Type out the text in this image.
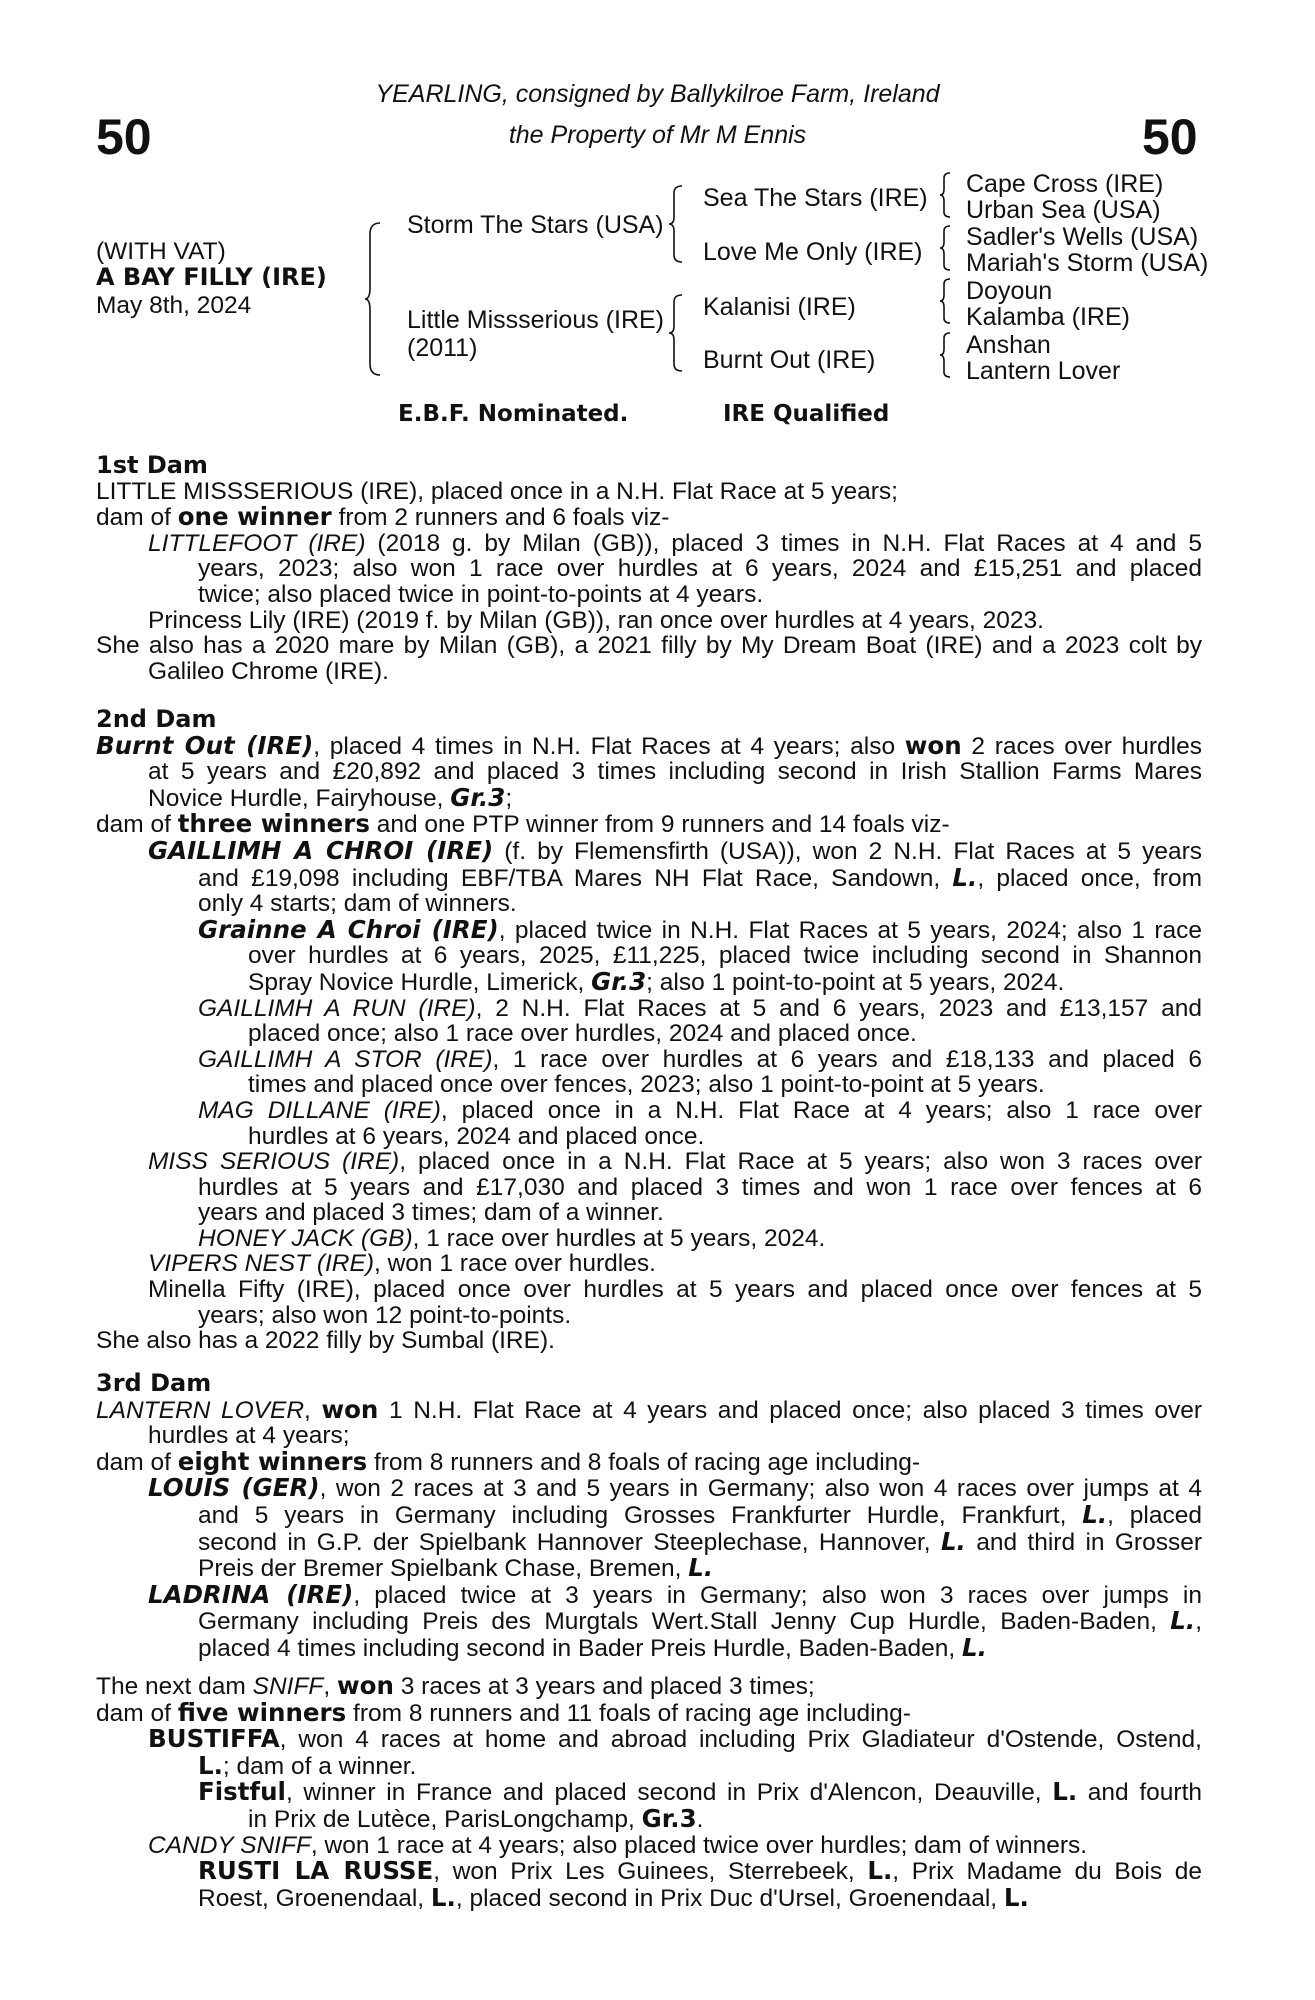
50	50
YEARLING, consigned by Ballykilroe Farm, Ireland
the Property of Mr M Ennis
(WITH VAT)
A BAY FILLY (IRE)
May 8th, 2024
Storm The Stars (USA)
Little Missserious (IRE)
(2011)
Sea The Stars (IRE)
Love Me Only (IRE)
Kalanisi (IRE)
Burnt Out (IRE)
Cape Cross (IRE)
Urban Sea (USA)
Sadler's Wells (USA)
Mariah's Storm (USA)
Doyoun
Kalamba (IRE)
Anshan
Lantern Lover
E.B.F. Nominated.	IRE Qualified
1st Dam
LITTLE MISSSERIOUS (IRE), placed once in a N.H. Flat Race at 5 years;
dam of one winner from 2 runners and 6 foals viz-
LITTLEFOOT (IRE) (2018 g. by Milan (GB)), placed 3 times in N.H. Flat Races at 4 and 5
years, 2023; also won 1 race over hurdles at 6 years, 2024 and £15,251 and placed
twice; also placed twice in point-to-points at 4 years.
Princess Lily (IRE) (2019 f. by Milan (GB)), ran once over hurdles at 4 years, 2023.
She also has a 2020 mare by Milan (GB), a 2021 filly by My Dream Boat (IRE) and a 2023 colt by
Galileo Chrome (IRE).
2nd Dam
Burnt Out (IRE), placed 4 times in N.H. Flat Races at 4 years; also won 2 races over hurdles
at 5 years and £20,892 and placed 3 times including second in Irish Stallion Farms Mares
Novice Hurdle, Fairyhouse, Gr.3;
dam of three winners and one PTP winner from 9 runners and 14 foals viz-
GAILLIMH A CHROI (IRE) (f. by Flemensfirth (USA)), won 2 N.H. Flat Races at 5 years
and £19,098 including EBF/TBA Mares NH Flat Race, Sandown, L., placed once, from
only 4 starts; dam of winners.
Grainne A Chroi (IRE), placed twice in N.H. Flat Races at 5 years, 2024; also 1 race
over hurdles at 6 years, 2025, £11,225, placed twice including second in Shannon
Spray Novice Hurdle, Limerick, Gr.3; also 1 point-to-point at 5 years, 2024.
GAILLIMH A RUN (IRE), 2 N.H. Flat Races at 5 and 6 years, 2023 and £13,157 and
placed once; also 1 race over hurdles, 2024 and placed once.
GAILLIMH A STOR (IRE), 1 race over hurdles at 6 years and £18,133 and placed 6
times and placed once over fences, 2023; also 1 point-to-point at 5 years.
MAG DILLANE (IRE), placed once in a N.H. Flat Race at 4 years; also 1 race over
hurdles at 6 years, 2024 and placed once.
MISS SERIOUS (IRE), placed once in a N.H. Flat Race at 5 years; also won 3 races over
hurdles at 5 years and £17,030 and placed 3 times and won 1 race over fences at 6
years and placed 3 times; dam of a winner.
HONEY JACK (GB), 1 race over hurdles at 5 years, 2024.
VIPERS NEST (IRE), won 1 race over hurdles.
Minella Fifty (IRE), placed once over hurdles at 5 years and placed once over fences at 5
years; also won 12 point-to-points.
She also has a 2022 filly by Sumbal (IRE).
3rd Dam
LANTERN LOVER, won 1 N.H. Flat Race at 4 years and placed once; also placed 3 times over
hurdles at 4 years;
dam of eight winners from 8 runners and 8 foals of racing age including-
LOUIS (GER), won 2 races at 3 and 5 years in Germany; also won 4 races over jumps at 4
and 5 years in Germany including Grosses Frankfurter Hurdle, Frankfurt, L., placed
second in G.P. der Spielbank Hannover Steeplechase, Hannover, L. and third in Grosser
Preis der Bremer Spielbank Chase, Bremen, L.
LADRINA (IRE), placed twice at 3 years in Germany; also won 3 races over jumps in
Germany including Preis des Murgtals Wert.Stall Jenny Cup Hurdle, Baden-Baden, L.,
placed 4 times including second in Bader Preis Hurdle, Baden-Baden, L.
The next dam SNIFF, won 3 races at 3 years and placed 3 times;
dam of five winners from 8 runners and 11 foals of racing age including-
BUSTIFFA, won 4 races at home and abroad including Prix Gladiateur d'Ostende, Ostend,
L.; dam of a winner.
Fistful, winner in France and placed second in Prix d'Alencon, Deauville, L. and fourth
in Prix de Lutèce, ParisLongchamp, Gr.3.
CANDY SNIFF, won 1 race at 4 years; also placed twice over hurdles; dam of winners.
RUSTI LA RUSSE, won Prix Les Guinees, Sterrebeek, L., Prix Madame du Bois de
Roest, Groenendaal, L., placed second in Prix Duc d'Ursel, Groenendaal, L.
